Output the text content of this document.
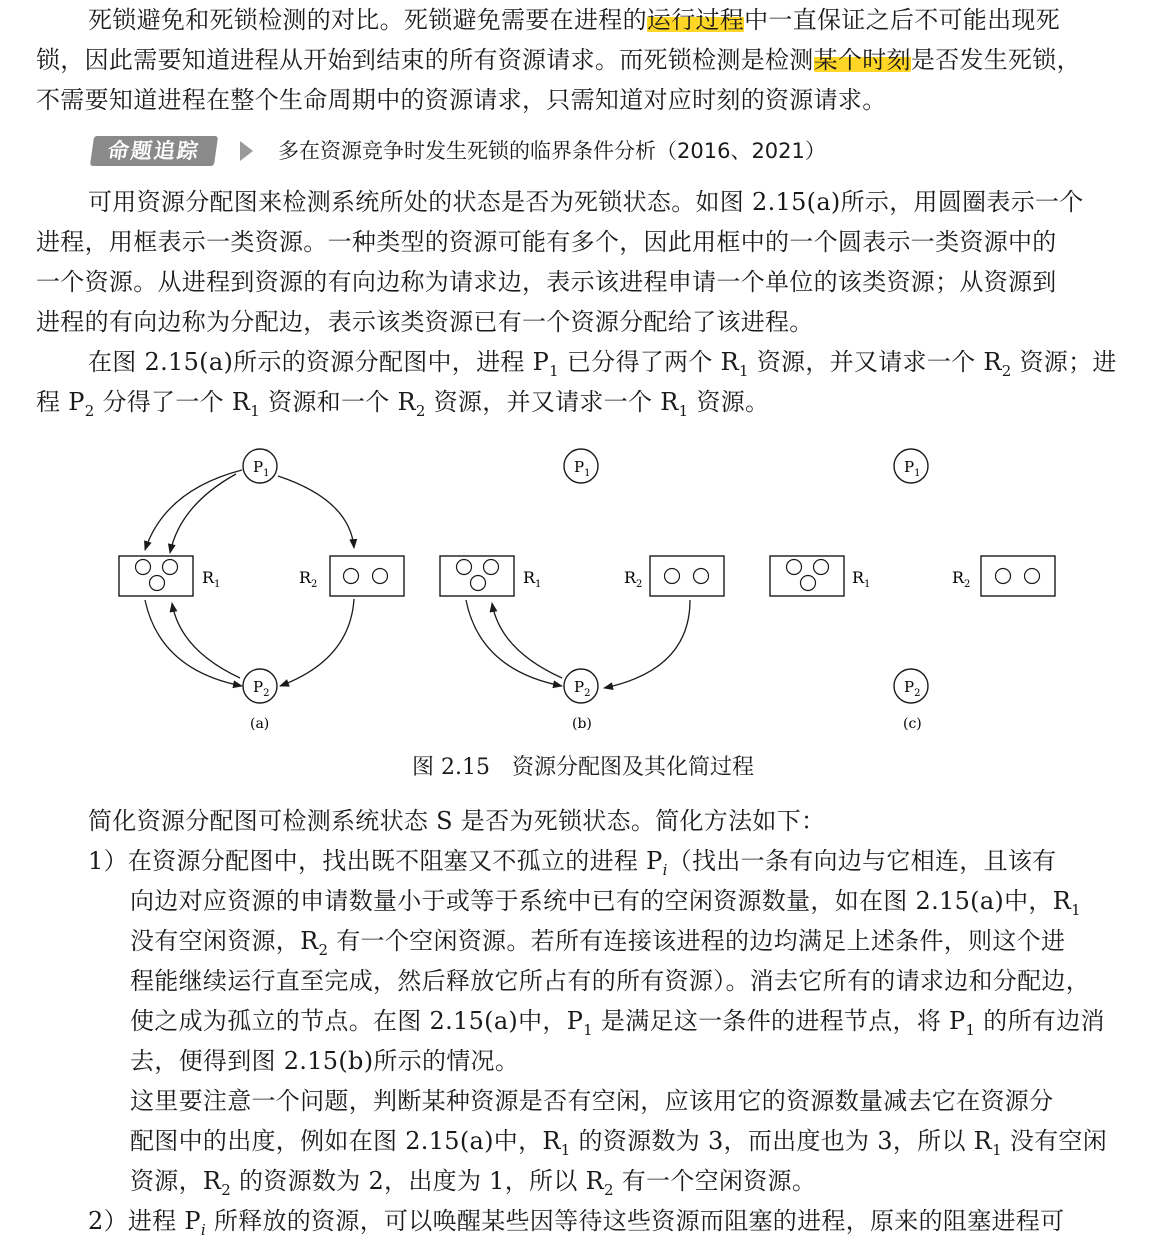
死锁避免和死锁检测的对比。死锁避免需要在进程的运行过程中一直保证之后不可能出现死
锁，因此需要知道进程从开始到结束的所有资源请求。而死锁检测是检测某个时刻是否发生死锁，
不需要知道进程在整个生命周期中的资源请求，只需知道对应时刻的资源请求。
命题追踪	多在资源竞争时发生死锁的临界条件分析（2016、2021）
可用资源分配图来检测系统所处的状态是否为死锁状态。如图 2.15(a)所示，用圆圈表示一个
进程，用框表示一类资源。一种类型的资源可能有多个，因此用框中的一个圆表示一类资源中的
一个资源。从进程到资源的有向边称为请求边，表示该进程申请一个单位的该类资源；从资源到
进程的有向边称为分配边，表示该类资源已有一个资源分配给了该进程。
在图 2.15(a)所示的资源分配图中，进程 $P_1$ 已分得了两个 $R_1$ 资源，并又请求一个 $R_2$ 资源；进
程 $P_2$ 分得了一个 $R_1$ 资源和一个 $R_2$ 资源，并又请求一个 $R_1$ 资源。
$P_1$
$P_2$
$R_1$	$R_2$
(a)
$P_1$
$P_2$
$R_1$	$R_2$
(b)
$P_1$
$P_2$
$R_1$	$R_2$
(c)
图 2.15　资源分配图及其化简过程
简化资源分配图可检测系统状态 S 是否为死锁状态。简化方法如下：
1）在资源分配图中，找出既不阻塞又不孤立的进程 $P_i$（找出一条有向边与它相连，且该有
向边对应资源的申请数量小于或等于系统中已有的空闲资源数量，如在图 2.15(a)中，$R_1$
没有空闲资源，$R_2$ 有一个空闲资源。若所有连接该进程的边均满足上述条件，则这个进
程能继续运行直至完成，然后释放它所占有的所有资源）。消去它所有的请求边和分配边，
使之成为孤立的节点。在图 2.15(a)中，$P_1$ 是满足这一条件的进程节点，将 $P_1$ 的所有边消
去，便得到图 2.15(b)所示的情况。
这里要注意一个问题，判断某种资源是否有空闲，应该用它的资源数量减去它在资源分
配图中的出度，例如在图 2.15(a)中，$R_1$ 的资源数为 3，而出度也为 3，所以 $R_1$ 没有空闲
资源，$R_2$ 的资源数为 2，出度为 1，所以 $R_2$ 有一个空闲资源。
2）进程 $P_i$ 所释放的资源，可以唤醒某些因等待这些资源而阻塞的进程，原来的阻塞进程可
